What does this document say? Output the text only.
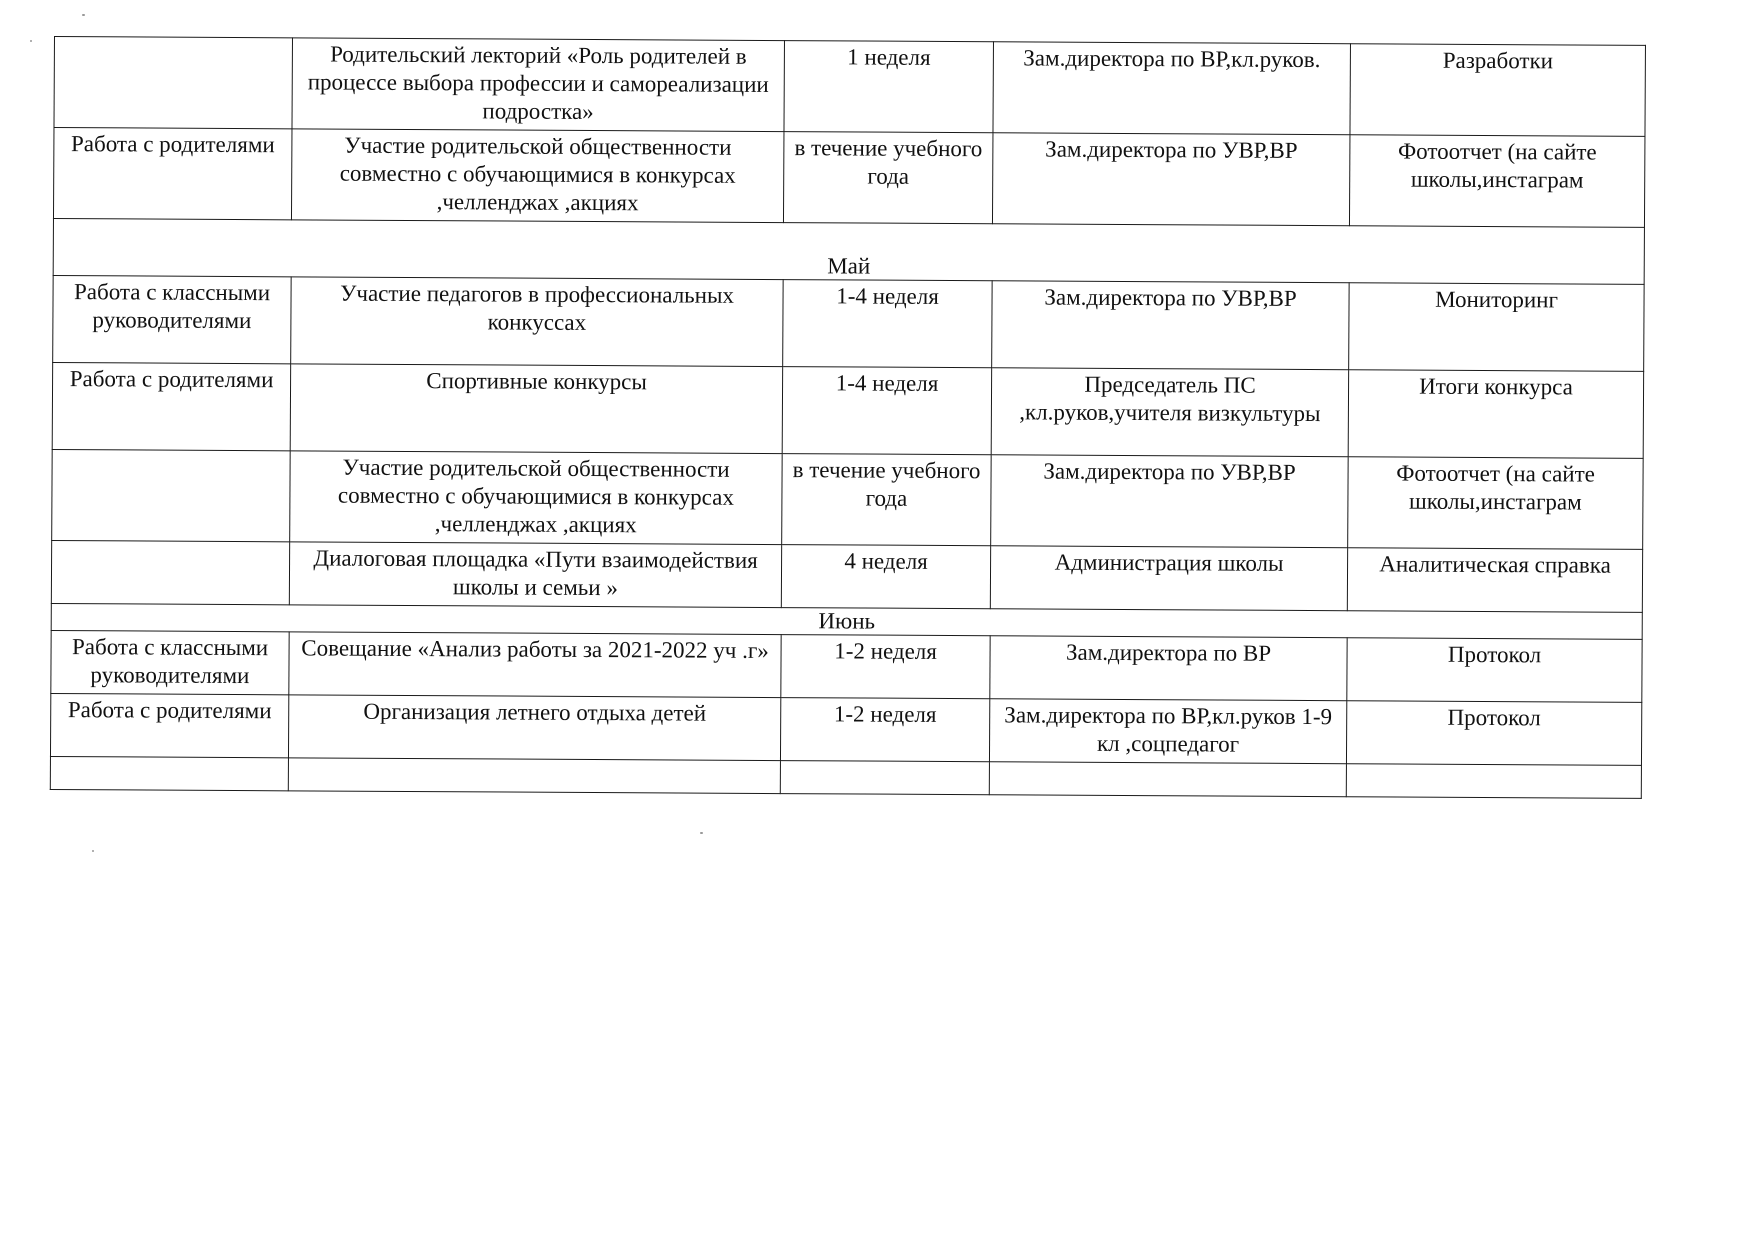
	Родительский лекторий «Роль родителей в процессе выбора профессии и самореализации подростка»	1 неделя	Зам.директора по ВР,кл.руков.	Разработки
Работа с родителями	Участие родительской общественности совместно с обучающимися в конкурсах ,челленджах ,акциях	в течение учебного года	Зам.директора по УВР,ВР	Фотоотчет (на сайте школы,инстаграм
Май				
Работа с классными руководителями	Участие педагогов в профессиональных конкуссах	1-4 неделя	Зам.директора по УВР,ВР	Мониторинг
Работа с родителями	Спортивные конкурсы	1-4 неделя	Председатель ПС ,кл.руков,учителя визкультуры	Итоги конкурса
	Участие родительской общественности совместно с обучающимися в конкурсах ,челленджах ,акциях	в течение учебного года	Зам.директора по УВР,ВР	Фотоотчет (на сайте школы,инстаграм
	Диалоговая площадка «Пути взаимодействия школы и семьи »	4 неделя	Администрация школы	Аналитическая справка
Июнь				
Работа с классными руководителями	Совещание «Анализ работы за 2021-2022 уч .г»	1-2 неделя	Зам.директора по ВР	Протокол
Работа с родителями	Организация летнего отдыха детей	1-2 неделя	Зам.директора по ВР,кл.руков 1-9 кл ,соцпедагог	Протокол
